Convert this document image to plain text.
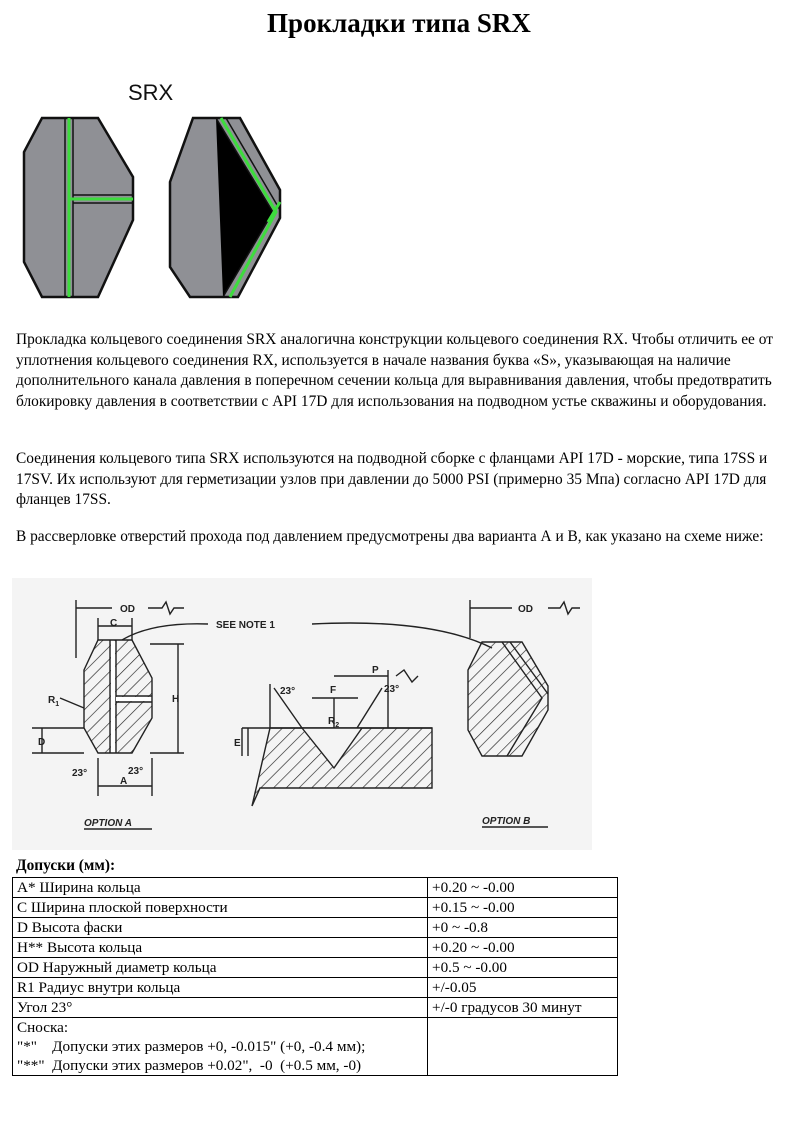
Прокладки типа SRX
SRX

Прокладка кольцевого соединения SRX аналогична конструкции кольцевого соединения RX. Чтобы отличить ее от уплотнения кольцевого соединения RX, используется в начале названия буква «S», указывающая на наличие дополнительного канала давления в поперечном сечении кольца для выравнивания давления, чтобы предотвратить блокировку давления в соответствии с API 17D для использования на подводном устье скважины и оборудования.

Соединения кольцевого типа SRX используются на подводной сборке с фланцами API 17D - морские, типа 17SS и 17SV. Их используют для герметизации узлов при давлении до 5000 PSI (примерно 35 Мпа) согласно API 17D для фланцев 17SS.

В рассверловке отверстий прохода под давлением предусмотрены два варианта А и В, как указано на схеме ниже:

OD
C	SEE NOTE 1
H
$R_1$
D
23°	23°
A
OPTION A
23°	23°
F
P
$R_2$
E
OD
OPTION B
Допуски (мм):
A* Ширина кольца	+0.20 ~ -0.00
C Ширина плоской поверхности	+0.15 ~ -0.00
D Высота фаски	+0 ~ -0.8
H** Высота кольца	+0.20 ~ -0.00
OD Наружный диаметр кольца	+0.5 ~ -0.00
R1 Радиус внутри кольца	+/-0.05
Угол 23°	+/-0 градусов 30 минут

Сноска:
"*"    Допуски этих размеров +0, -0.015" (+0, -0.4 мм);
"**"  Допуски этих размеров +0.02",  -0  (+0.5 мм, -0)	
